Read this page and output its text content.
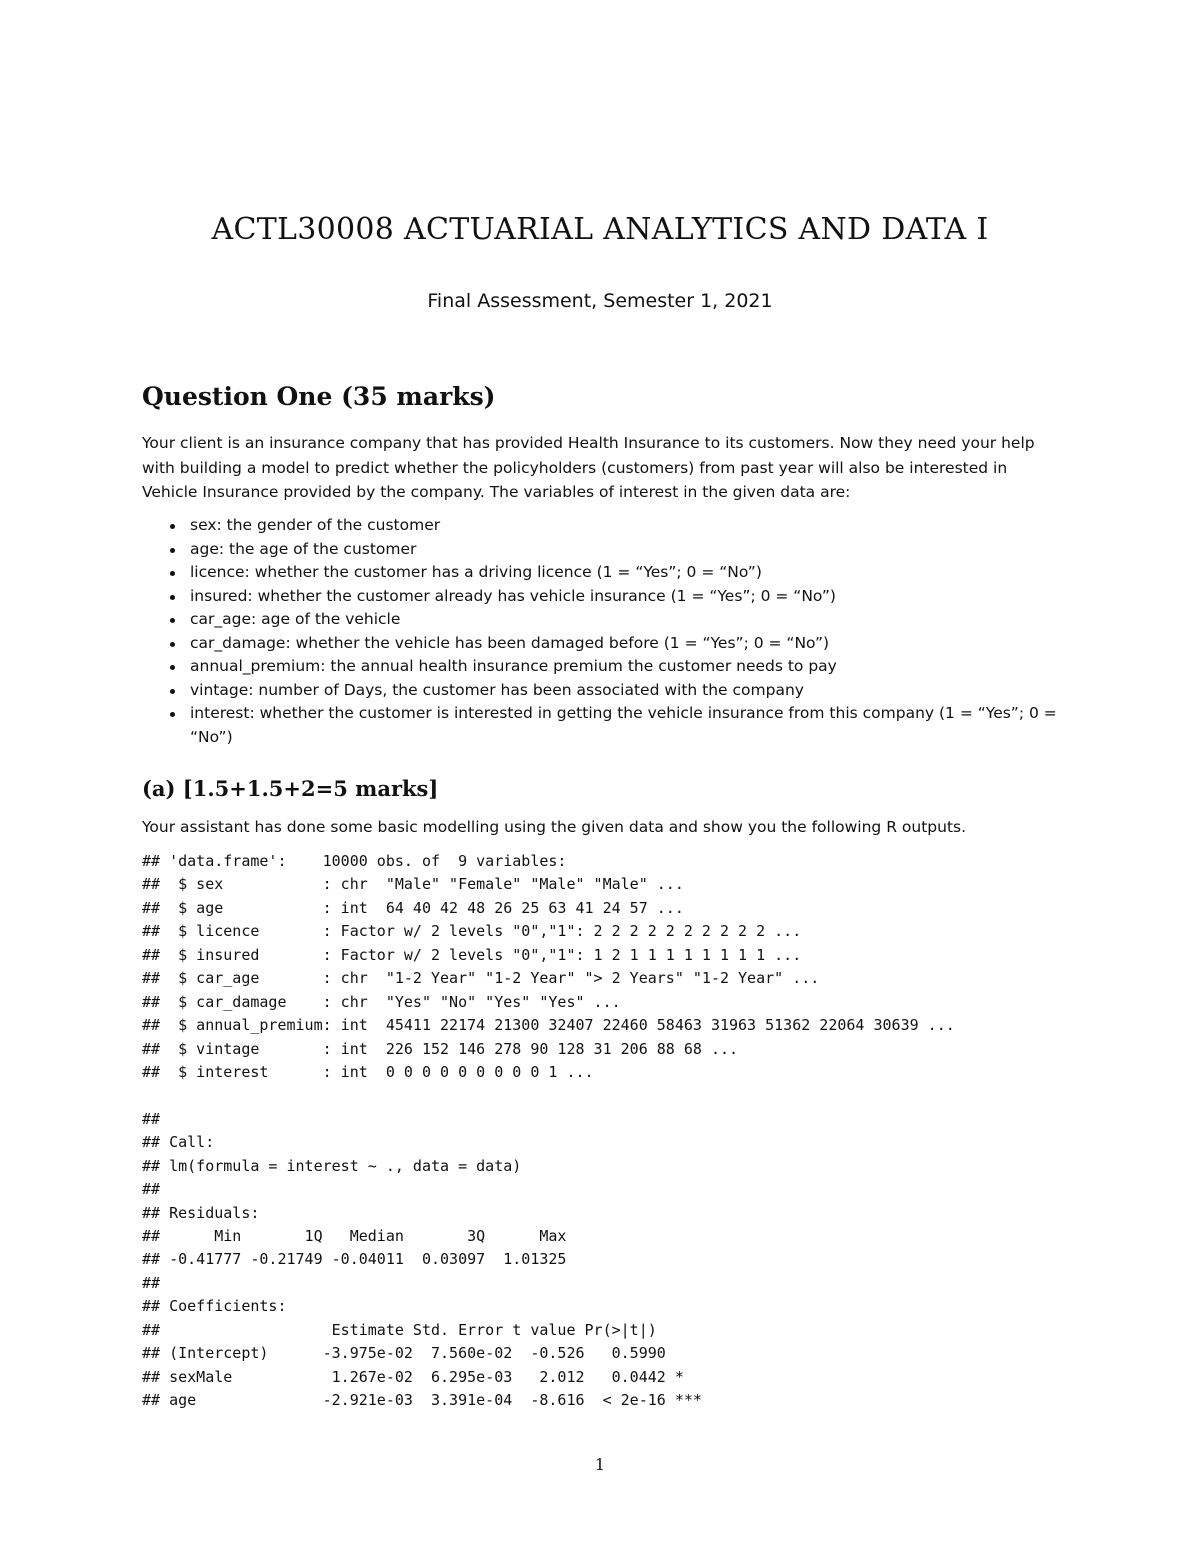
ACTL30008 ACTUARIAL ANALYTICS AND DATA I
Final Assessment, Semester 1, 2021
Question One (35 marks)
Your client is an insurance company that has provided Health Insurance to its customers. Now they need your help with building a model to predict whether the policyholders (customers) from past year will also be interested in Vehicle Insurance provided by the company. The variables of interest in the given data are:
sex: the gender of the customer
age: the age of the customer
licence: whether the customer has a driving licence (1 = “Yes”; 0 = “No”)
insured: whether the customer already has vehicle insurance (1 = “Yes”; 0 = “No”)
car_age: age of the vehicle
car_damage: whether the vehicle has been damaged before (1 = “Yes”; 0 = “No”)
annual_premium: the annual health insurance premium the customer needs to pay
vintage: number of Days, the customer has been associated with the company
interest: whether the customer is interested in getting the vehicle insurance from this company (1 = “Yes”; 0 = “No”)
(a) [1.5+1.5+2=5 marks]
Your assistant has done some basic modelling using the given data and show you the following R outputs.
## 'data.frame':    10000 obs. of  9 variables:
##  $ sex           : chr  "Male" "Female" "Male" "Male" ...
##  $ age           : int  64 40 42 48 26 25 63 41 24 57 ...
##  $ licence       : Factor w/ 2 levels "0","1": 2 2 2 2 2 2 2 2 2 2 ...
##  $ insured       : Factor w/ 2 levels "0","1": 1 2 1 1 1 1 1 1 1 1 ...
##  $ car_age       : chr  "1-2 Year" "1-2 Year" "> 2 Years" "1-2 Year" ...
##  $ car_damage    : chr  "Yes" "No" "Yes" "Yes" ...
##  $ annual_premium: int  45411 22174 21300 32407 22460 58463 31963 51362 22064 30639 ...
##  $ vintage       : int  226 152 146 278 90 128 31 206 88 68 ...
##  $ interest      : int  0 0 0 0 0 0 0 0 0 1 ...
##
## Call:
## lm(formula = interest ~ ., data = data)
##
## Residuals:
##      Min       1Q   Median       3Q      Max
## -0.41777 -0.21749 -0.04011  0.03097  1.01325
##
## Coefficients:
##                   Estimate Std. Error t value Pr(>|t|)
## (Intercept)      -3.975e-02  7.560e-02  -0.526   0.5990
## sexMale           1.267e-02  6.295e-03   2.012   0.0442 *
## age              -2.921e-03  3.391e-04  -8.616  < 2e-16 ***
1
